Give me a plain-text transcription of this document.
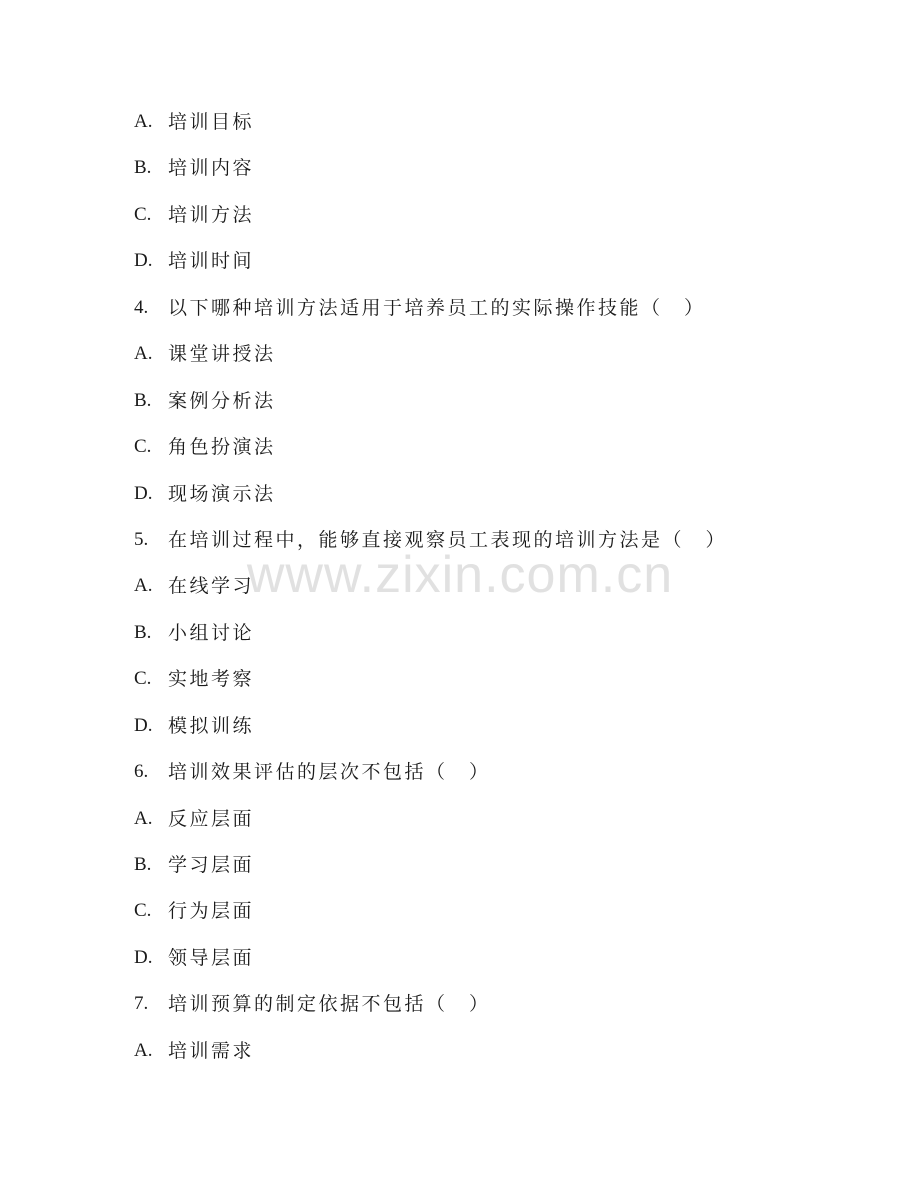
www.zixin.com.cn
A. 培训目标
B. 培训内容
C. 培训方法
D. 培训时间
4.	以下哪种培训方法适用于培养员工的实际操作技能（　）
A. 课堂讲授法
B. 案例分析法
C. 角色扮演法
D. 现场演示法
5.	在培训过程中，能够直接观察员工表现的培训方法是（　）
A. 在线学习
B. 小组讨论
C. 实地考察
D. 模拟训练
6.	培训效果评估的层次不包括（　）
A. 反应层面
B. 学习层面
C. 行为层面
D. 领导层面
7.	培训预算的制定依据不包括（　）
A. 培训需求
